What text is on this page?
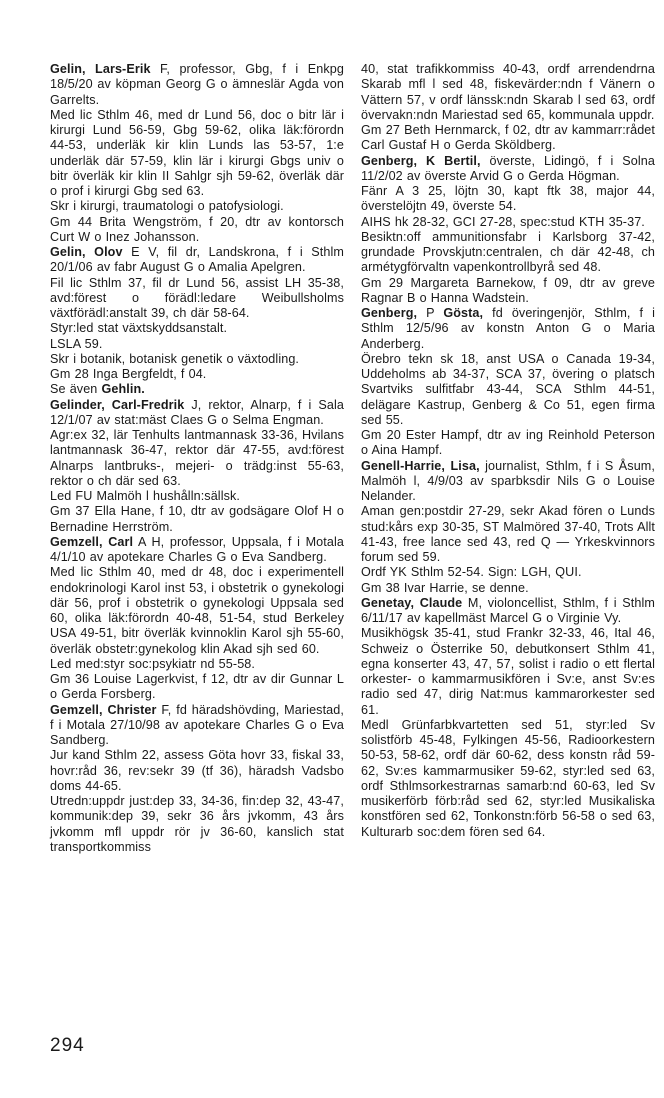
Gelin, Lars-Erik F, professor, Gbg, f i Enkpg 18/5/20 av köpman Georg G o ämneslär Agda von Garrelts.

Med lic Sthlm 46, med dr Lund 56, doc o bitr lär i kirurgi Lund 56-59, Gbg 59-62, olika läk:förordn 44-53, underläk kir klin Lunds las 53-57, 1:e underläk där 57-59, klin lär i kirurgi Gbgs univ o bitr överläk kir klin II Sahlgr sjh 59-62, överläk där o prof i kirurgi Gbg sed 63.

Skr i kirurgi, traumatologi o patofysiologi.

Gm 44 Brita Wengström, f 20, dtr av kontorsch Curt W o Inez Johansson.

Gelin, Olov E V, fil dr, Landskrona, f i Sthlm 20/1/06 av fabr August G o Amalia Apelgren.

Fil lic Sthlm 37, fil dr Lund 56, assist LH 35-38, avd:förest o förädl:ledare Weibullsholms växtförädl:anstalt 39, ch där 58-64.

Styr:led stat växtskyddsanstalt.

LSLA 59.

Skr i botanik, botanisk genetik o växtodling.

Gm 28 Inga Bergfeldt, f 04.

Se även Gehlin.

Gelinder, Carl-Fredrik J, rektor, Alnarp, f i Sala 12/1/07 av stat:mäst Claes G o Selma Engman.

Agr:ex 32, lär Tenhults lantmannask 33-36, Hvilans lantmannask 36-47, rektor där 47-55, avd:förest Alnarps lantbruks-, mejeri- o trädg:inst 55-63, rektor o ch där sed 63.

Led FU Malmöh l hushålln:sällsk.

Gm 37 Ella Hane, f 10, dtr av godsägare Olof H o Bernadine Herrström.

Gemzell, Carl A H, professor, Uppsala, f i Motala 4/1/10 av apotekare Charles G o Eva Sandberg.

Med lic Sthlm 40, med dr 48, doc i experimentell endokrinologi Karol inst 53, i obstetrik o gynekologi där 56, prof i obstetrik o gynekologi Uppsala sed 60, olika läk:förordn 40-48, 51-54, stud Berkeley USA 49-51, bitr överläk kvinnoklin Karol sjh 55-60, överläk obstetr:gynekolog klin Akad sjh sed 60.

Led med:styr soc:psykiatr nd 55-58.

Gm 36 Louise Lagerkvist, f 12, dtr av dir Gunnar L o Gerda Forsberg.

Gemzell, Christer F, fd häradshövding, Mariestad, f i Motala 27/10/98 av apotekare Charles G o Eva Sandberg.

Jur kand Sthlm 22, assess Göta hovr 33, fiskal 33, hovr:råd 36, rev:sekr 39 (tf 36), häradsh Vadsbo doms 44-65.

Utredn:uppdr just:dep 33, 34-36, fin:dep 32, 43-47, kommunik:dep 39, sekr 36 års jvkomm, 43 års jvkomm mfl uppdr rör jv 36-60, kanslich stat transportkommiss

40, stat trafikkommiss 40-43, ordf arrendendrna Skarab mfl l sed 48, fiskevärder:ndn f Vänern o Vättern 57, v ordf länssk:ndn Skarab l sed 63, ordf övervakn:ndn Mariestad sed 65, kommunala uppdr.

Gm 27 Beth Hernmarck, f 02, dtr av kammarr:rådet Carl Gustaf H o Gerda Sköldberg.

Genberg, K Bertil, överste, Lidingö, f i Solna 11/2/02 av överste Arvid G o Gerda Högman.

Fänr A 3 25, löjtn 30, kapt ftk 38, major 44, överstelöjtn 49, överste 54.

AIHS hk 28-32, GCI 27-28, spec:stud KTH 35-37.

Besiktn:off ammunitionsfabr i Karlsborg 37-42, grundade Provskjutn:centralen, ch där 42-48, ch armétygförvaltn vapenkontrollbyrå sed 48.

Gm 29 Margareta Barnekow, f 09, dtr av greve Ragnar B o Hanna Wadstein.

Genberg, P Gösta, fd överingenjör, Sthlm, f i Sthlm 12/5/96 av konstn Anton G o Maria Anderberg.

Örebro tekn sk 18, anst USA o Canada 19-34, Uddeholms ab 34-37, SCA 37, övering o platsch Svartviks sulfitfabr 43-44, SCA Sthlm 44-51, delägare Kastrup, Genberg & Co 51, egen firma sed 55.

Gm 20 Ester Hampf, dtr av ing Reinhold Peterson o Aina Hampf.

Genell-Harrie, Lisa, journalist, Sthlm, f i S Åsum, Malmöh l, 4/9/03 av sparbksdir Nils G o Louise Nelander.

Aman gen:postdir 27-29, sekr Akad fören o Lunds stud:kårs exp 30-35, ST Malmöred 37-40, Trots Allt 41-43, free lance sed 43, red Q — Yrkeskvinnors forum sed 59.

Ordf YK Sthlm 52-54. Sign: LGH, QUI.

Gm 38 Ivar Harrie, se denne.

Genetay, Claude M, violoncellist, Sthlm, f i Sthlm 6/11/17 av kapellmäst Marcel G o Virginie Vy.

Musikhögsk 35-41, stud Frankr 32-33, 46, Ital 46, Schweiz o Österrike 50, debutkonsert Sthlm 41, egna konserter 43, 47, 57, solist i radio o ett flertal orkester- o kammarmusikfören i Sv:e, anst Sv:es radio sed 47, dirig Nat:mus kammarorkester sed 61.

Medl Grünfarbkvartetten sed 51, styr:led Sv solistförb 45-48, Fylkingen 45-56, Radioorkestern 50-53, 58-62, ordf där 60-62, dess konstn råd 59-62, Sv:es kammarmusiker 59-62, styr:led sed 63, ordf Sthlmsorkestrarnas samarb:nd 60-63, led Sv musikerförb förb:råd sed 62, styr:led Musikaliska konstfören sed 62, Tonkonstn:förb 56-58 o sed 63, Kulturarb soc:dem fören sed 64.

294
